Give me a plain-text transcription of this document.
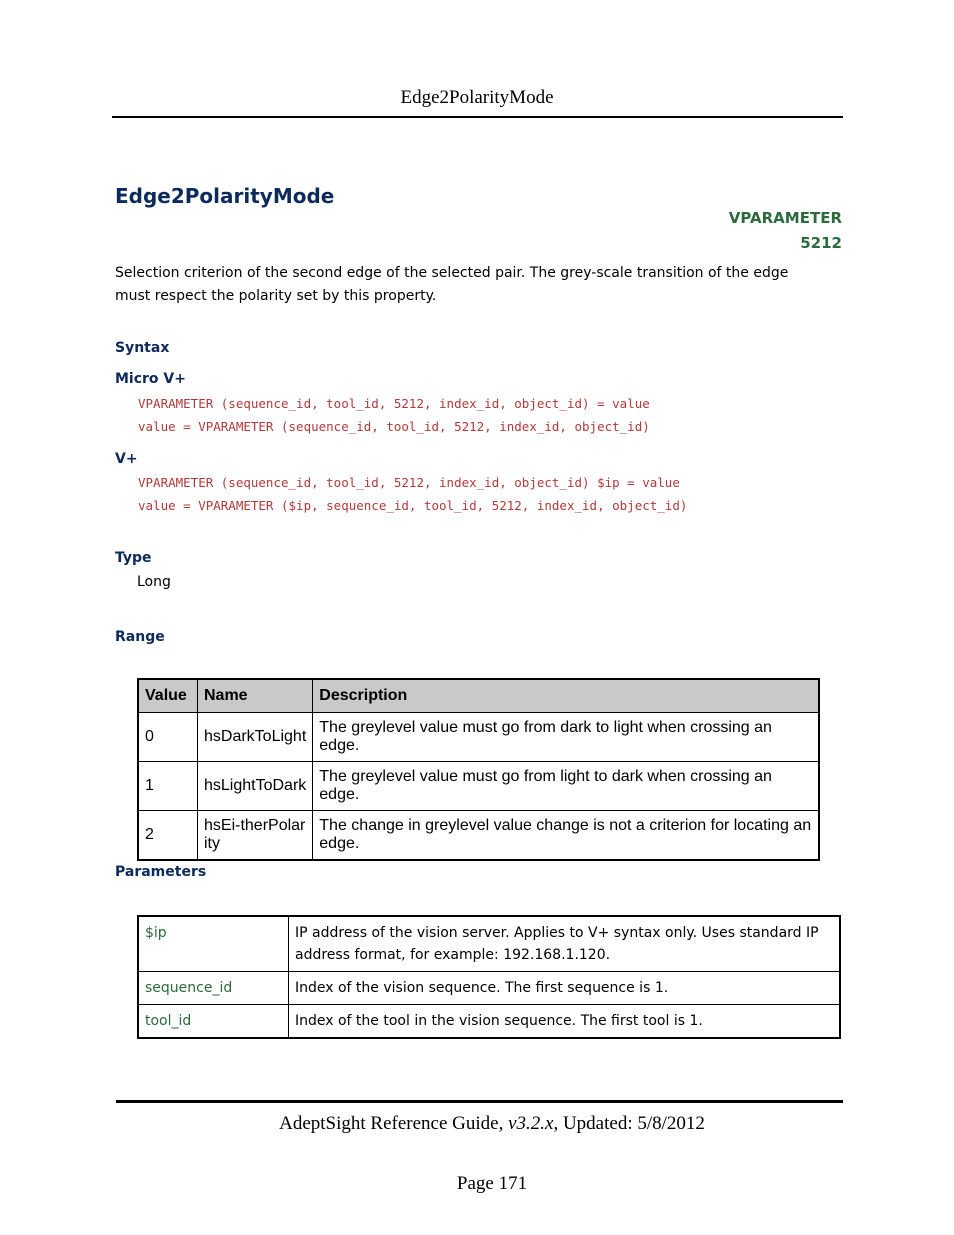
Edge2PolarityMode
Edge2PolarityMode
VPARAMETER
5212
Selection criterion of the second edge of the selected pair. The grey-scale transition of the edge must respect the polarity set by this property.
Syntax
Micro V+
VPARAMETER (sequence_id, tool_id, 5212, index_id, object_id) = value
value = VPARAMETER (sequence_id, tool_id, 5212, index_id, object_id)
V+
VPARAMETER (sequence_id, tool_id, 5212, index_id, object_id) $ip = value
value = VPARAMETER ($ip, sequence_id, tool_id, 5212, index_id, object_id)
Type
Long
Range
Value	Name	Description
0	hsDarkToLight	The greylevel value must go from dark to light when crossing an edge.
1	hsLightToDark	The greylevel value must go from light to dark when crossing an edge.
2	hsEi-therPolarity	The change in greylevel value change is not a criterion for locating an edge.
Parameters
$ip	IP address of the vision server. Applies to V+ syntax only. Uses standard IP address format, for example: 192.168.1.120.
sequence_id	Index of the vision sequence. The first sequence is 1.
tool_id	Index of the tool in the vision sequence. The first tool is 1.
AdeptSight Reference Guide, v3.2.x, Updated: 5/8/2012
Page 171
